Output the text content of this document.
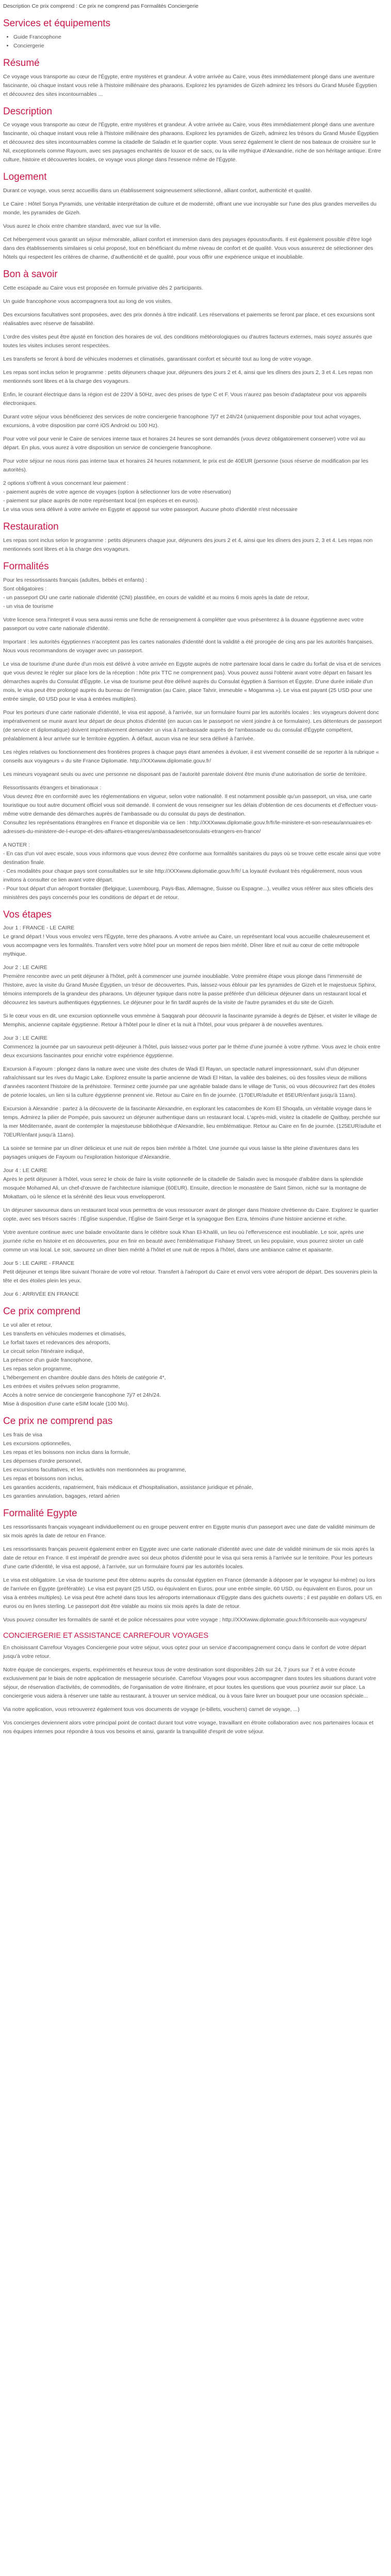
Description Ce prix comprend : Ce prix ne comprend pas Formalités Conciergerie
Services et équipements
• Guide Francophone
• Conciergerie
Résumé

Ce voyage vous transporte au cœur de l'Égypte, entre mystères et grandeur. À votre arrivée au Caire, vous êtes immédiatement plongé dans une aventure fascinante, où chaque instant vous relie à l'histoire millénaire des pharaons. Explorez les pyramides de Gizeh admirez les trésors du Grand Musée Égyptien et découvrez des sites incontournables ...

Description

Ce voyage vous transporte au cœur de l'Égypte, entre mystères et grandeur. À votre arrivée au Caire, vous êtes immédiatement plongé dans une aventure fascinante, où chaque instant vous relie à l'histoire millénaire des pharaons. Explorez les pyramides de Gizeh, admirez les trésors du Grand Musée Égyptien et découvrez des sites incontournables comme la citadelle de Saladin et le quartier copte. Vous serez également le client de nos bateaux de croisière sur le Nil, exceptionnels comme Rayoum, avec ses paysages enchantés de louxor et de sacs, ou la ville mythique d'Alexandrie, riche de son héritage antique. Entre culture, histoire et découvertes locales, ce voyage vous plonge dans l'essence même de l'Égypte.

Logement

Durant ce voyage, vous serez accueillis dans un établissement soigneusement sélectionné, alliant confort, authenticité et qualité.

Le Caire : Hôtel Sonya Pyramids, une véritable interprétation de culture et de modernité, offrant une vue incroyable sur l'une des plus grandes merveilles du monde, les pyramides de Gizeh.

Vous aurez le choix entre chambre standard, avec vue sur la ville.

Cet hébergement vous garantit un séjour mémorable, alliant confort et immersion dans des paysages époustouflants. Il est également possible d'être logé dans des établissements similaires si celui proposé, tout en bénéficiant du même niveau de confort et de qualité. Vous vous assurerez de sélectionner des hôtels qui respectent les critères de charme, d'authenticité et de qualité, pour vous offrir une expérience unique et inoubliable.

Bon à savoir

Cette escapade au Caire vous est proposée en formule privative dès 2 participants.

Un guide francophone vous accompagnera tout au long de vos visites.

Des excursions facultatives sont proposées, avec des prix donnés à titre indicatif. Les réservations et paiements se feront par place, et ces excursions sont réalisables avec réserve de faisabilité.

L'ordre des visites peut être ajusté en fonction des horaires de vol, des conditions météorologiques ou d'autres facteurs externes, mais soyez assurés que toutes les visites incluses seront respectées.

Les transferts se feront à bord de véhicules modernes et climatisés, garantissant confort et sécurité tout au long de votre voyage.

Les repas sont inclus selon le programme : petits déjeuners chaque jour, déjeuners des jours 2 et 4, ainsi que les dîners des jours 2, 3 et 4. Les repas non mentionnés sont libres et à la charge des voyageurs.

Enfin, le courant électrique dans la région est de 220V à 50Hz, avec des prises de type C et F. Vous n'aurez pas besoin d'adaptateur pour vos appareils électroniques.

Durant votre séjour vous bénéficierez des services de notre conciergerie francophone 7j/7 et 24h/24 (uniquement disponible pour tout achat voyages, excursions, à votre disposition par corré iOS Android ou 100 Hz).

Pour votre vol pour venir le Caire de services interne taux et horaires 24 heures se sont demandés (vous devez obligatoirement conserver) votre vol au départ. En plus, vous aurez à votre disposition un service de conciergerie francophone.

Pour votre séjour ne nous rions pas interne taux et horaires 24 heures notamment, le prix est de 40EUR (personne (sous réserve de modification par les autorités).

2 options s'offrent à vous concernant leur paiement :

- paiement auprès de votre agence de voyages (option à sélectionner lors de votre réservation)

- paiement sur place auprès de notre représentant local (en espèces et en euros).

Le visa vous sera délivré à votre arrivée en Egypte et apposé sur votre passeport. Aucune photo d'identité n'est nécessaire

Restauration

Les repas sont inclus selon le programme : petits déjeuners chaque jour, déjeuners des jours 2 et 4, ainsi que les dîners des jours 2, 3 et 4. Les repas non mentionnés sont libres et à la charge des voyageurs.

Formalités

Pour les ressortissants français (adultes, bébés et enfants) :

Sont obligatoires :

- un passeport OU une carte nationale d'identité (CNI) plastifiée, en cours de validité et au moins 6 mois après la date de retour,

- un visa de tourisme

Votre licence sera l'interpret il vous sera aussi remis une fiche de renseignement à compléter que vous présenterez à la douane égyptienne avec votre passeport ou votre carte nationale d'identité.

Important : les autorités égyptiennes n'acceptent pas les cartes nationales d'identité dont la validité a été prorogée de cinq ans par les autorités françaises. Nous vous recommandons de voyager avec un passeport.

Le visa de tourisme d'une durée d'un mois est délivré à votre arrivée en Egypte auprès de notre partenaire local dans le cadre du forfait de visa et de services que vous devrez le régler sur place lors de la réception : hôte prix TTC ne comprennent pas). Vous pouvez aussi l'obtenir avant votre départ en faisant les démarches auprès du Consulat d'Égypte. Le visa de tourisme peut être délivré auprès du Consulat égyptien à Sarrison et Égypte. D'une durée initiale d'un mois, le visa peut être prolongé auprès du bureau de l'immigration (au Caire, place Tahrir, immeuble « Mogamma »). Le visa est payant (25 USD pour une entrée simple, 60 USD pour le visa à entrées multiples).

Pour les porteurs d'une carte nationale d'identité, le visa est apposé, à l'arrivée, sur un formulaire fourni par les autorités locales : les voyageurs doivent donc impérativement se munir avant leur départ de deux photos d'identité (en aucun cas le passeport ne vient joindre à ce formulaire). Les détenteurs de passeport (de service et diplomatique) doivent impérativement demander un visa à l'ambassade auprès de l'ambassade ou du consulat d'Égypte compétent, préalablement à leur arrivée sur le territoire égyptien. À défaut, aucun visa ne leur sera délivré à l'arrivée.

Les règles relatives ou fonctionnement des frontières propres à chaque pays étant amenées à évoluer, il est vivement conseillé de se reporter à la rubrique « conseils aux voyageurs » du site France Diplomatie. http://XXXwww.diplomatie.gouv.fr/

Les mineurs voyageant seuls ou avec une personne ne disposant pas de l'autorité parentale doivent être munis d'une autorisation de sortie de territoire.

Ressortissants étrangers et binationaux :

Vous devrez être en conformité avec les réglementations en vigueur, selon votre nationalité. Il est notamment possible qu'un passeport, un visa, une carte touristique ou tout autre document officiel vous soit demandé. Il convient de vous renseigner sur les délais d'obtention de ces documents et d'effectuer vous-même votre demande des démarches auprès de l'ambassade ou du consulat du pays de destination.

Consultez les représentations étrangères en France et disponible via ce lien : http://XXXwww.diplomatie.gouv.fr/fr/le-ministere-et-son-reseau/annuaires-et-adresses-du-ministere-de-l-europe-et-des-affaires-etrangeres/ambassadesetconsulats-etrangers-en-france/

A NOTER :

- En cas d'un vol avec escale, sous vous informons que vous devrez être conforme aux formalités sanitaires du pays où se trouve cette escale ainsi que votre destination finale.

- Ces modalités pour chaque pays sont consultables sur le site http://XXXwww.diplomatie.gouv.fr/fr/ La loyauté évoluant très régulièrement, nous vous invitons à consulter ce lien avant votre départ.

- Pour tout départ d'un aéroport frontalier (Belgique, Luxembourg, Pays-Bas, Allemagne, Suisse ou Espagne...), veuillez vous référer aux sites officiels des ministères des pays concernés pour les conditions de départ et de retour.

Vos étapes

Jour 1 : FRANCE - LE CAIRE

Le grand départ ! Vous vous envolez vers l'Égypte, terre des pharaons. A votre arrivée au Caire, un représentant local vous accueille chaleureusement et vous accompagne vers les formalités. Transfert vers votre hôtel pour un moment de repos bien mérité. Dîner libre et nuit au cœur de cette métropole mythique.

Jour 2 : LE CAIRE

Première rencontre avec un petit déjeuner à l'hôtel, prêt à commencer une journée inoubliable. Votre première étape vous plonge dans l'immensité de l'histoire, avec la visite du Grand Musée Égyptien, un trésor de découvertes. Puis, laissez-vous éblouir par les pyramides de Gizeh et le majestueux Sphinx, témoins intemporels de la grandeur des pharaons. Un déjeuner typique dans notre la passe préférée d'un délicieux déjeuner dans un restaurant local et découvrez les saveurs authentiques égyptiennes. Le déjeuner pour le fin tardif auprès de la visite de l'autre pyramides et du site de Gizeh.

Si le cœur vous en dit, une excursion optionnelle vous emmène à Saqqarah pour découvrir la fascinante pyramide à degrés de Djéser, et visiter le village de Memphis, ancienne capitale égyptienne. Retour à l'hôtel pour le dîner et la nuit à l'hôtel, pour vous préparer à de nouvelles aventures.

Jour 3 : LE CAIRE

Commencez la journée par un savoureux petit-déjeuner à l'hôtel, puis laissez-vous porter par le thème d'une journée à votre rythme. Vous avez le choix entre deux excursions fascinantes pour enrichir votre expérience égyptienne.

Excursion à Fayoum : plongez dans la nature avec une visite des chutes de Wadi El Rayan, un spectacle naturel impressionnant, suivi d'un déjeuner rafraîchissant sur les rives du Magic Lake. Explorez ensuite la partie ancienne de Wadi El Hitan, la vallée des baleines, où des fossiles vieux de millions d'années racontent l'histoire de la préhistoire. Terminez cette journée par une agréable balade dans le village de Tunis, où vous découvrirez l'art des étoiles de poterie locales, un lien si la culture égyptienne prennent vie. Retour au Caire en fin de journée. (170EUR/adulte et 85EUR/enfant jusqu'à 11ans).

Excursion à Alexandrie : partez à la découverte de la fascinante Alexandrie, en explorant les catacombes de Kom El Shoqafa, un véritable voyage dans le temps. Admirez la pilier de Pompée, puis savourez un déjeuner authentique dans un restaurant local. L'après-midi, visitez la citadelle de Qaitbay, perchée sur la mer Méditerranée, avant de contempler la majestueuse bibliothèque d'Alexandrie, lieu emblématique. Retour au Caire en fin de journée. (125EUR/adulte et 70EUR/enfant jusqu'à 11ans).

La soirée se termine par un dîner délicieux et une nuit de repos bien méritée à l'hôtel. Une journée qui vous laisse la tête pleine d'aventures dans les paysages uniques de Fayoum ou l'exploration historique d'Alexandrie.

Jour 4 : LE CAIRE

Après le petit déjeuner à l'hôtel, vous serez le choix de faire la visite optionnelle de la citadelle de Saladin avec la mosquée d'albâtre dans la splendide mosquée Mohamed Ali, un chef-d'œuvre de l'architecture islamique (60EUR). Ensuite, direction le monastère de Saint Simon, niché sur la montagne de Mokattam, où le silence et la sérénité des lieux vous envelopperont.

Un déjeuner savoureux dans un restaurant local vous permettra de vous ressourcer avant de plonger dans l'histoire chrétienne du Caire. Explorez le quartier copte, avec ses trésors sacrés : l'Église suspendue, l'Église de Saint-Serge et la synagogue Ben Ezra, témoins d'une histoire ancienne et riche.

Votre aventure continue avec une balade envoûtante dans le célèbre souk Khan El-Khalili, un lieu où l'effervescence est inoubliable. Le soir, après une journée riche en histoire et en découvertes, pour en finir en beauté avec l'emblématique Fishawy Street, un lieu populaire, vous pourrez siroter un café comme un vrai local. Le soir, savourez un dîner bien mérité à l'hôtel et une nuit de repos à l'hôtel, dans une ambiance calme et apaisante.

Jour 5 : LE CAIRE - FRANCE

Petit déjeuner et temps libre suivant l'horaire de votre vol retour. Transfert à l'aéroport du Caire et envol vers votre aéroport de départ. Des souvenirs plein la tête et des étoiles plein les yeux.

Jour 6 : ARRIVÉE EN FRANCE

Ce prix comprend

Le vol aller et retour,

Les transferts en véhicules modernes et climatisés,

Le forfait taxes et redevances des aéroports,

Le circuit selon l'itinéraire indiqué,

La présence d'un guide francophone,

Les repas selon programme,

L'hébergement en chambre double dans des hôtels de catégorie 4*,

Les entrées et visites prévues selon programme,

Accès à notre service de conciergerie francophone 7j/7 et 24h/24.

Mise à disposition d'une carte eSIM locale (100 Mo).

Ce prix ne comprend pas

Les frais de visa

Les excursions optionnelles,

Les repas et les boissons non inclus dans la formule,

Les dépenses d'ordre personnel,

Les excursions facultatives, et les activités non mentionnées au programme,

Les repas et boissons non inclus,

Les garanties accidents, rapatriement, frais médicaux et d'hospitalisation, assistance juridique et pénale,

Les garanties annulation, bagages, retard aérien

Formalité Egypte

Les ressortissants français voyageant individuellement ou en groupe peuvent entrer en Egypte munis d'un passeport avec une date de validité minimum de six mois après la date de retour en France.

Les ressortissants français peuvent également entrer en Egypte avec une carte nationale d'identité avec une date de validité minimum de six mois après la date de retour en France. Il est impératif de prendre avec soi deux photos d'identité pour le visa qui sera remis à l'arrivée sur le territoire. Pour les porteurs d'une carte d'identité, le visa est apposé, à l'arrivée, sur un formulaire fourni par les autorités locales.

Le visa est obligatoire. Le visa de tourisme peut être obtenu auprès du consulat égyptien en France (demande à déposer par le voyageur lui-même) ou lors de l'arrivée en Égypte (préférable). Le visa est payant (25 USD, ou équivalent en Euros, pour une entrée simple, 60 USD, ou équivalent en Euros, pour un visa à entrées multiples). Le visa peut être acheté dans tous les aéroports internationaux d'Egypte dans des guichets ouverts ; il est payable en dollars US, en euros ou en livres sterling. Le passeport doit être valable au moins six mois après la date de retour.

Vous pouvez consulter les formalités de santé et de police nécessaires pour votre voyage : http://XXXwww.diplomatie.gouv.fr/fr/conseils-aux-voyageurs/

CONCIERGERIE ET ASSISTANCE CARREFOUR VOYAGES

En choisissant Carrefour Voyages Conciergerie pour votre séjour, vous optez pour un service d'accompagnement conçu dans le confort de votre départ jusqu'à votre retour.

Notre équipe de concierges, experts, expérimentés et heureux tous de votre destination sont disponibles 24h sur 24, 7 jours sur 7 et à votre écoute exclusivement par le biais de notre application de messagerie sécurisée. Carrefour Voyages pour vous accompagner dans toutes les situations durant votre séjour, de réservation d'activités, de commodités, de l'organisation de votre itinéraire, et pour toutes les questions que vous pourriez avoir sur place. La conciergerie vous aidera à réserver une table au restaurant, à trouver un service médical, ou à vous faire livrer un bouquet pour une occasion spéciale...

Via notre application, vous retrouverez également tous vos documents de voyage (e-billets, vouchers) carnet de voyage, ...)

Vos concierges deviennent alors votre principal point de contact durant tout votre voyage, travaillant en étroite collaboration avec nos partenaires locaux et nos équipes internes pour répondre à tous vos besoins et ainsi, garantir la tranquillité d'esprit de votre séjour.
